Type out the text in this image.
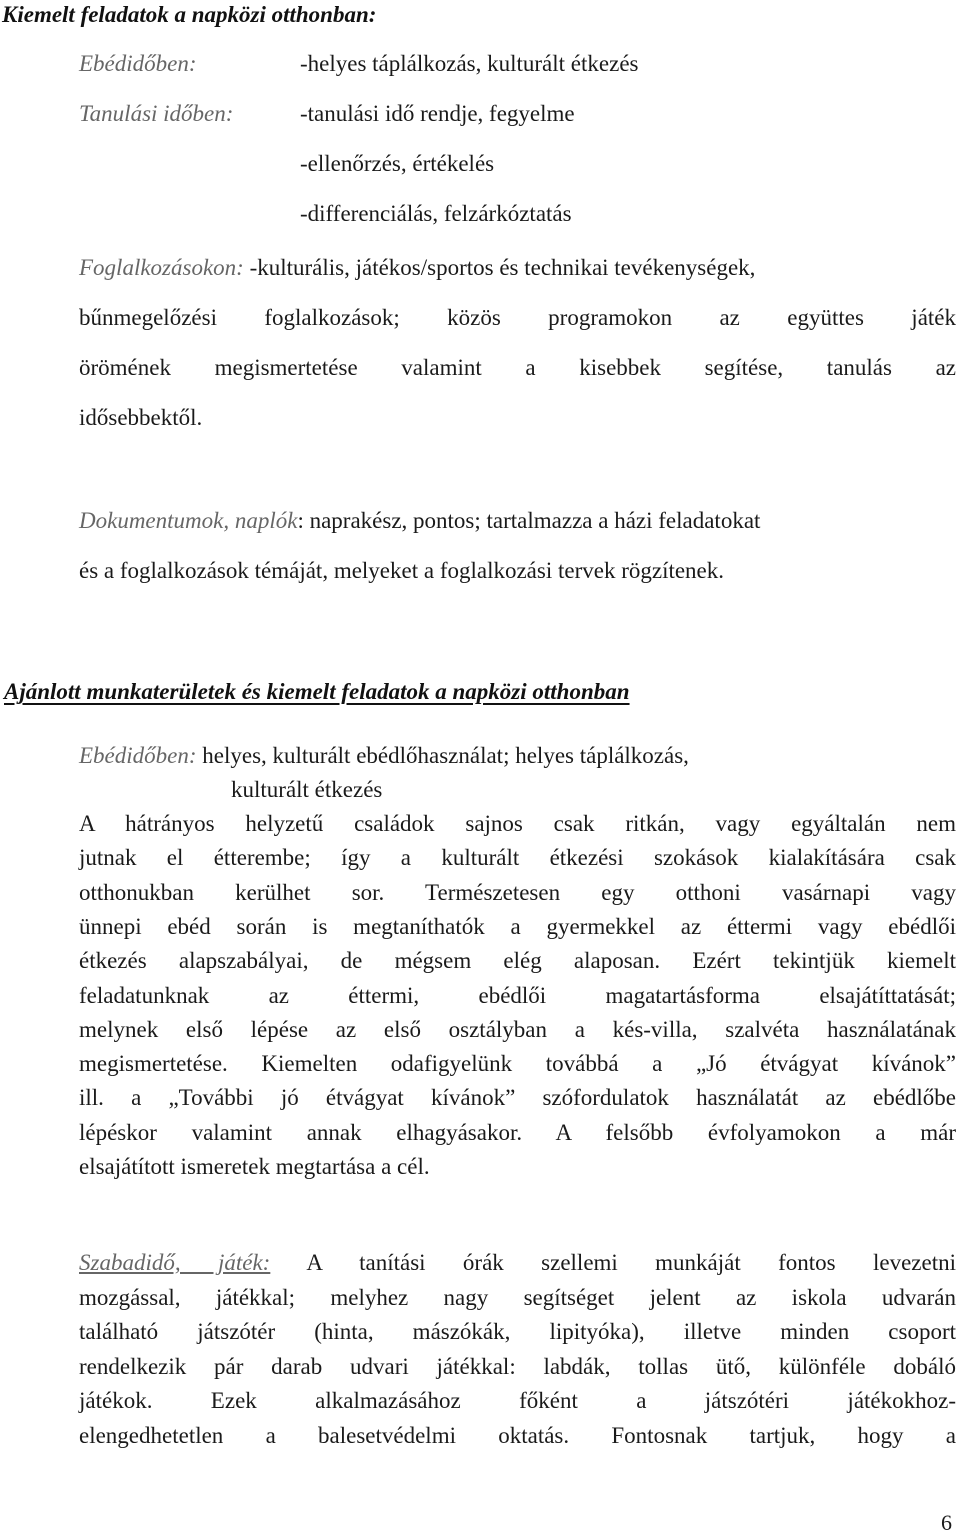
Kiemelt feladatok a napközi otthonban:
Ebédidőben:	-helyes táplálkozás, kulturált étkezés
Tanulási időben:	-tanulási idő rendje, fegyelme
-ellenőrzés, értékelés
-differenciálás, felzárkóztatás
Foglalkozásokon: -kulturális, játékos/sportos és technikai tevékenységek,
bűnmegelőzési foglalkozások; közös programokon az együttes játék
örömének megismertetése valamint a kisebbek segítése, tanulás az
idősebbektől.
Dokumentumok, naplók: naprakész, pontos; tartalmazza a házi feladatokat
és a foglalkozások témáját, melyeket a foglalkozási tervek rögzítenek.
Ajánlott munkaterületek és kiemelt feladatok a napközi otthonban
Ebédidőben: helyes, kulturált ebédlőhasználat; helyes táplálkozás,
kulturált étkezés
A hátrányos helyzetű családok sajnos csak ritkán, vagy egyáltalán nem
jutnak el étterembe; így a kulturált étkezési szokások kialakítására csak
otthonukban kerülhet sor. Természetesen egy otthoni vasárnapi vagy
ünnepi ebéd során is megtaníthatók a gyermekkel az éttermi vagy ebédlői
étkezés alapszabályai, de mégsem elég alaposan. Ezért tekintjük kiemelt
feladatunknak az éttermi, ebédlői magatartásforma elsajátíttatását;
melynek első lépése az első osztályban a kés-villa, szalvéta használatának
megismertetése. Kiemelten odafigyelünk továbbá a „Jó étvágyat kívánok”
ill. a „További jó étvágyat kívánok” szófordulatok használatát az ebédlőbe
lépéskor valamint annak elhagyásakor. A felsőbb évfolyamokon a már
elsajátított ismeretek megtartása a cél.
Szabadidő, játék: A tanítási órák szellemi munkáját fontos levezetni
mozgással, játékkal; melyhez nagy segítséget jelent az iskola udvarán
található játszótér (hinta, mászókák, lipityóka), illetve minden csoport
rendelkezik pár darab udvari játékkal: labdák, tollas ütő, különféle dobáló
játékok. Ezek alkalmazásához főként a játszótéri játékokhoz-
elengedhetetlen a balesetvédelmi oktatás. Fontosnak tartjuk, hogy a
6
